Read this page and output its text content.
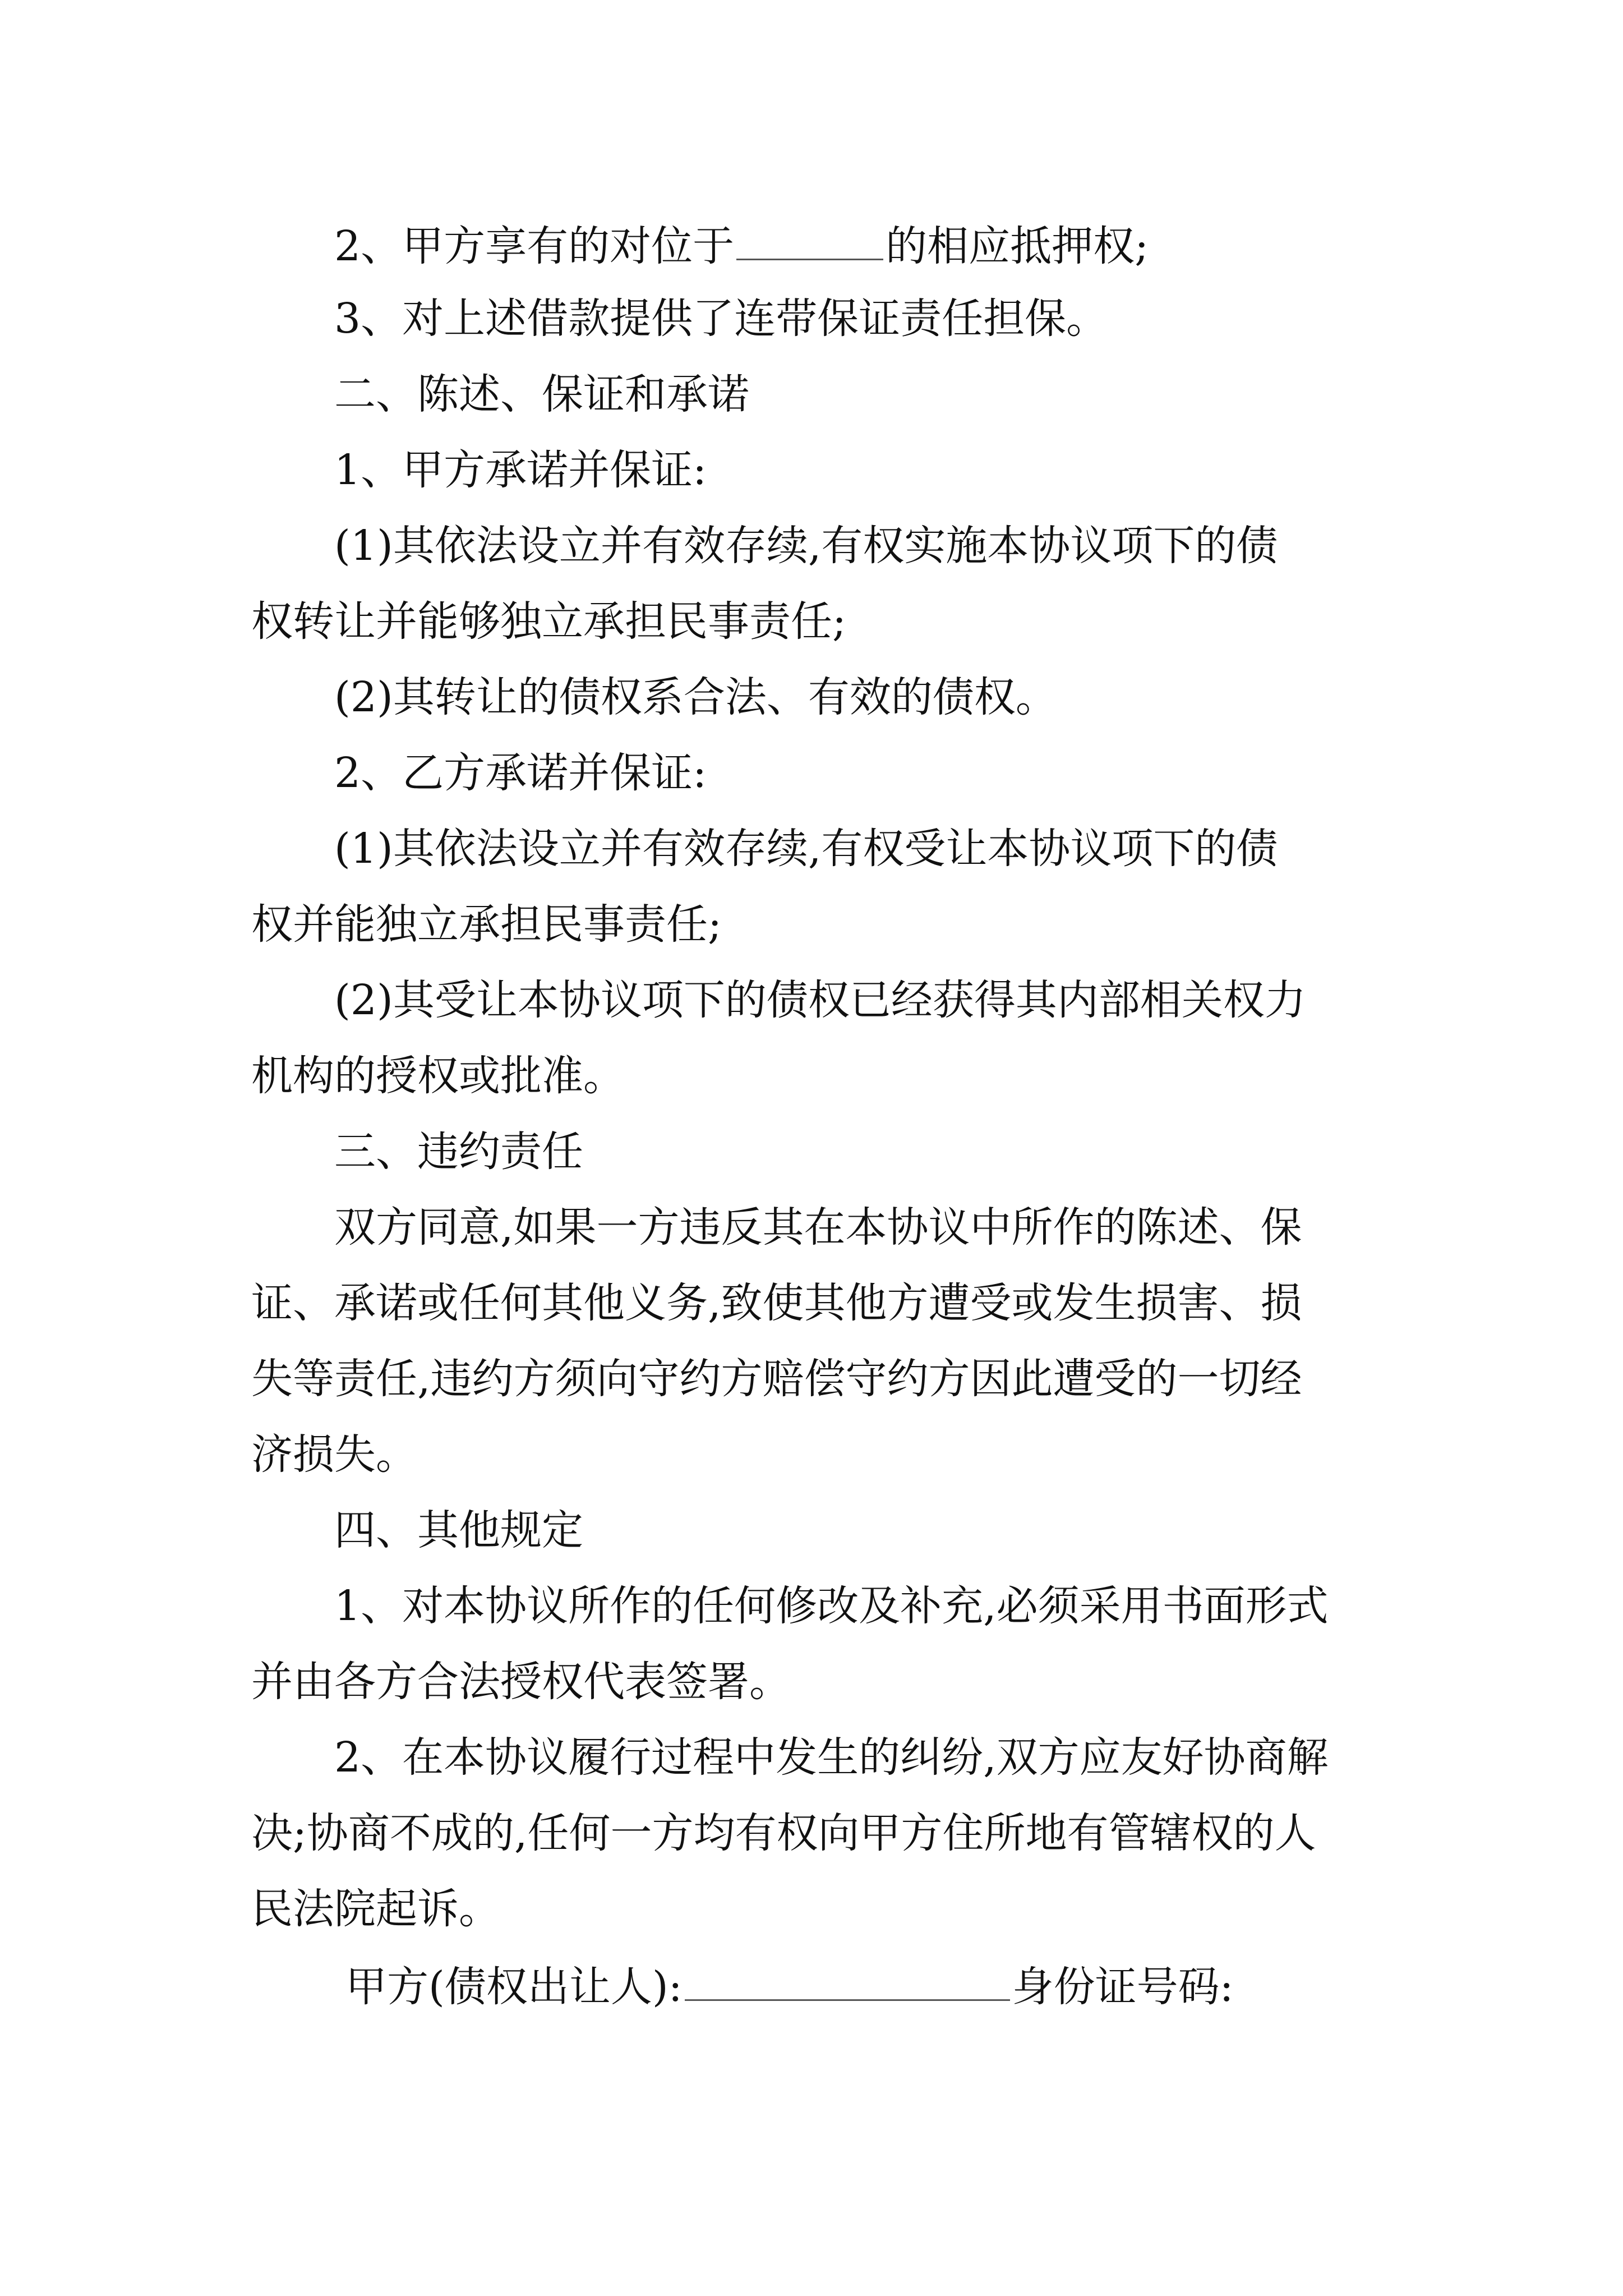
2、甲方享有的对位于	的相应抵押权;
3、对上述借款提供了连带保证责任担保。
二、陈述、保证和承诺
1、甲方承诺并保证:
(1)其依法设立并有效存续,有权实施本协议项下的债
权转让并能够独立承担民事责任;
(2)其转让的债权系合法、有效的债权。
2、乙方承诺并保证:
(1)其依法设立并有效存续,有权受让本协议项下的债
权并能独立承担民事责任;
(2)其受让本协议项下的债权已经获得其内部相关权力
机构的授权或批准。
三、违约责任
双方同意,如果一方违反其在本协议中所作的陈述、保
证、承诺或任何其他义务,致使其他方遭受或发生损害、损
失等责任,违约方须向守约方赔偿守约方因此遭受的一切经
济损失。
四、其他规定
1、对本协议所作的任何修改及补充,必须采用书面形式
并由各方合法授权代表签署。
2、在本协议履行过程中发生的纠纷,双方应友好协商解
决;协商不成的,任何一方均有权向甲方住所地有管辖权的人
民法院起诉。
甲方(债权出让人):	身份证号码:
